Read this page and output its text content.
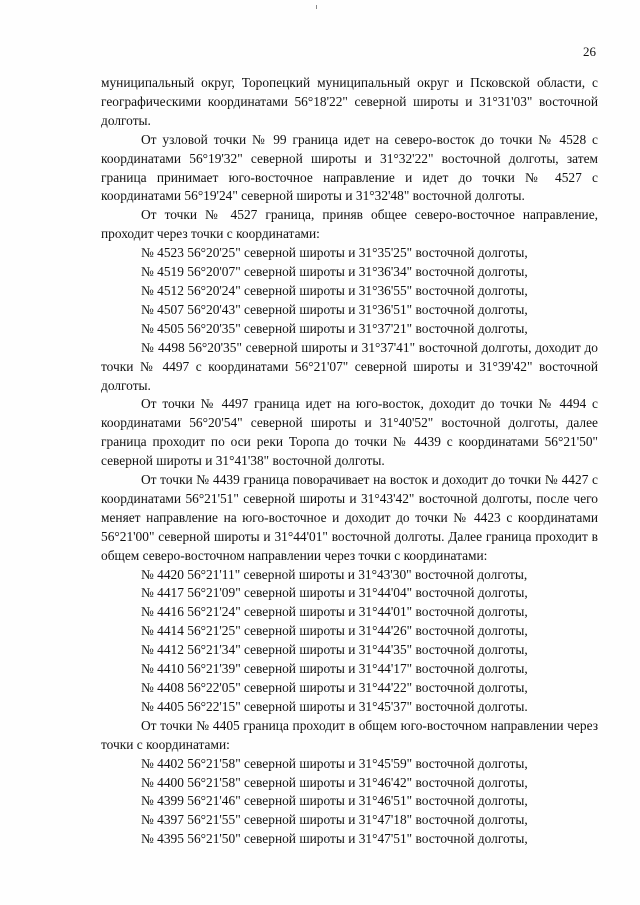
26

муниципальный округ, Торопецкий муниципальный округ и Псковской области, с географическими координатами 56°18'22" северной широты и 31°31'03" восточной долготы.

От узловой точки № 99 граница идет на северо-восток до точки № 4528 с координатами 56°19'32" северной широты и 31°32'22" восточной долготы, затем граница принимает юго-восточное направление и идет до точки № 4527 с координатами 56°19'24" северной широты и 31°32'48" восточной долготы.

От точки № 4527 граница, приняв общее северо-восточное направление, проходит через точки с координатами:

№ 4523 56°20'25" северной широты и 31°35'25" восточной долготы,

№ 4519 56°20'07" северной широты и 31°36'34" восточной долготы,

№ 4512 56°20'24" северной широты и 31°36'55" восточной долготы,

№ 4507 56°20'43" северной широты и 31°36'51" восточной долготы,

№ 4505 56°20'35" северной широты и 31°37'21" восточной долготы,

№ 4498 56°20'35" северной широты и 31°37'41" восточной долготы, доходит до точки № 4497 с координатами 56°21'07" северной широты и 31°39'42" восточной долготы.

От точки № 4497 граница идет на юго-восток, доходит до точки № 4494 с координатами 56°20'54" северной широты и 31°40'52" восточной долготы, далее граница проходит по оси реки Торопа до точки № 4439 с координатами 56°21'50" северной широты и 31°41'38" восточной долготы.

От точки № 4439 граница поворачивает на восток и доходит до точки № 4427 с координатами 56°21'51" северной широты и 31°43'42" восточной долготы, после чего меняет направление на юго-восточное и доходит до точки № 4423 с координатами 56°21'00" северной широты и 31°44'01" восточной долготы. Далее граница проходит в общем северо-восточном направлении через точки с координатами:

№ 4420 56°21'11" северной широты и 31°43'30" восточной долготы,

№ 4417 56°21'09" северной широты и 31°44'04" восточной долготы,

№ 4416 56°21'24" северной широты и 31°44'01" восточной долготы,

№ 4414 56°21'25" северной широты и 31°44'26" восточной долготы,

№ 4412 56°21'34" северной широты и 31°44'35" восточной долготы,

№ 4410 56°21'39" северной широты и 31°44'17" восточной долготы,

№ 4408 56°22'05" северной широты и 31°44'22" восточной долготы,

№ 4405 56°22'15" северной широты и 31°45'37" восточной долготы.

От точки № 4405 граница проходит в общем юго-восточном направлении через точки с координатами:

№ 4402 56°21'58" северной широты и 31°45'59" восточной долготы,

№ 4400 56°21'58" северной широты и 31°46'42" восточной долготы,

№ 4399 56°21'46" северной широты и 31°46'51" восточной долготы,

№ 4397 56°21'55" северной широты и 31°47'18" восточной долготы,

№ 4395 56°21'50" северной широты и 31°47'51" восточной долготы,
